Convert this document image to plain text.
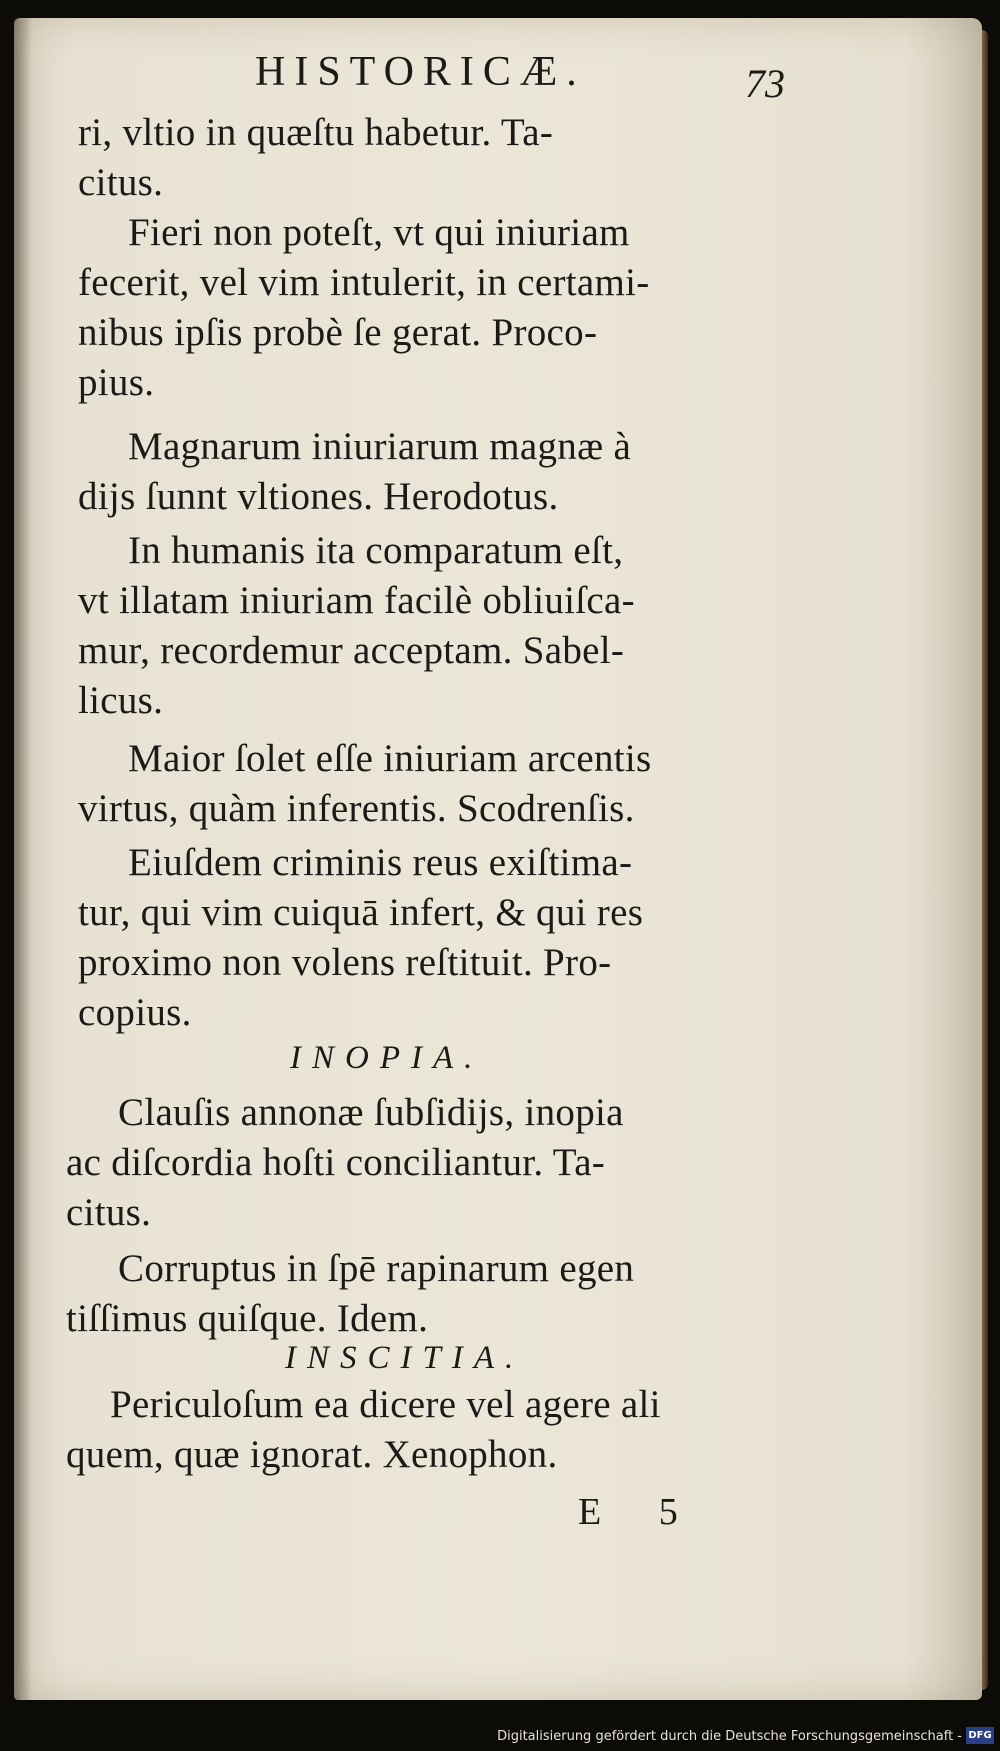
HISTORICÆ.	73
ri, vltio in quæſtu habetur. Ta-
citus.
Fieri non poteſt, vt qui iniuriam
fecerit, vel vim intulerit, in certami-
nibus ipſis probè ſe gerat. Proco-
pius.
Magnarum iniuriarum magnæ à
dijs ſunnt vltiones. Herodotus.
In humanis ita comparatum eſt,
vt illatam iniuriam facilè obliuiſca-
mur, recordemur acceptam. Sabel-
licus.
Maior ſolet eſſe iniuriam arcentis
virtus, quàm inferentis. Scodrenſis.
Eiuſdem criminis reus exiſtima-
tur, qui vim cuiquā infert, & qui res
proximo non volens reſtituit. Pro-
copius.
INOPIA.
Clauſis annonæ ſubſidijs, inopia
ac diſcordia hoſti conciliantur. Ta-
citus.
Corruptus in ſpē rapinarum egen
tiſſimus quiſque. Idem.
INSCITIA.
Periculoſum ea dicere vel agere ali
quem, quæ ignorat. Xenophon.
E 5
Digitalisierung gefördert durch die Deutsche Forschungsgemeinschaft - DFG
